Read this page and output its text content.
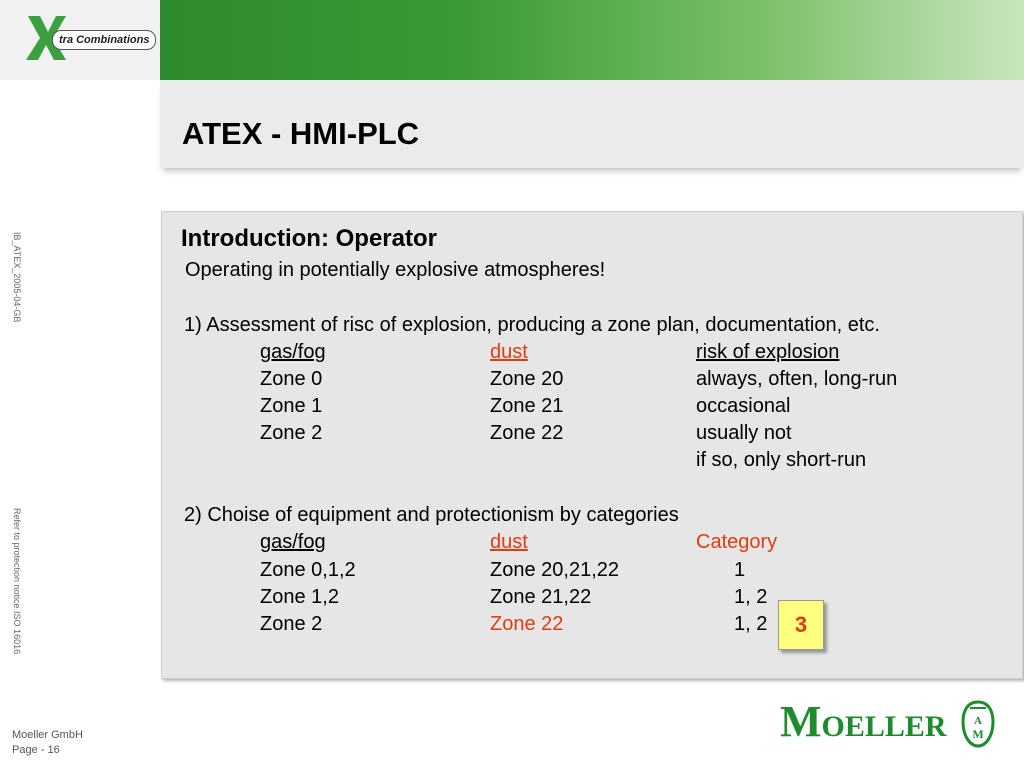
tra Combinations
ATEX - HMI-PLC
IB_ATEX_2005-04-GB
Refer to protection notice ISO 16016
Introduction: Operator
Operating in potentially explosive atmospheres!
1) Assessment of risc of explosion, producing a zone plan, documentation, etc.
gas/fog	dust	risk of explosion
Zone 0	Zone 20	always, often, long-run
Zone 1	Zone 21	occasional
Zone 2	Zone 22	usually not
if so, only short-run
2) Choise of equipment and protectionism by categories
gas/fog	dust	Category
Zone 0,1,2	Zone 20,21,22	1
Zone 1,2	Zone 21,22	1, 2
Zone 2	Zone 22	1, 2	3
Moeller GmbH
Page - 16
MOELLER A
M
